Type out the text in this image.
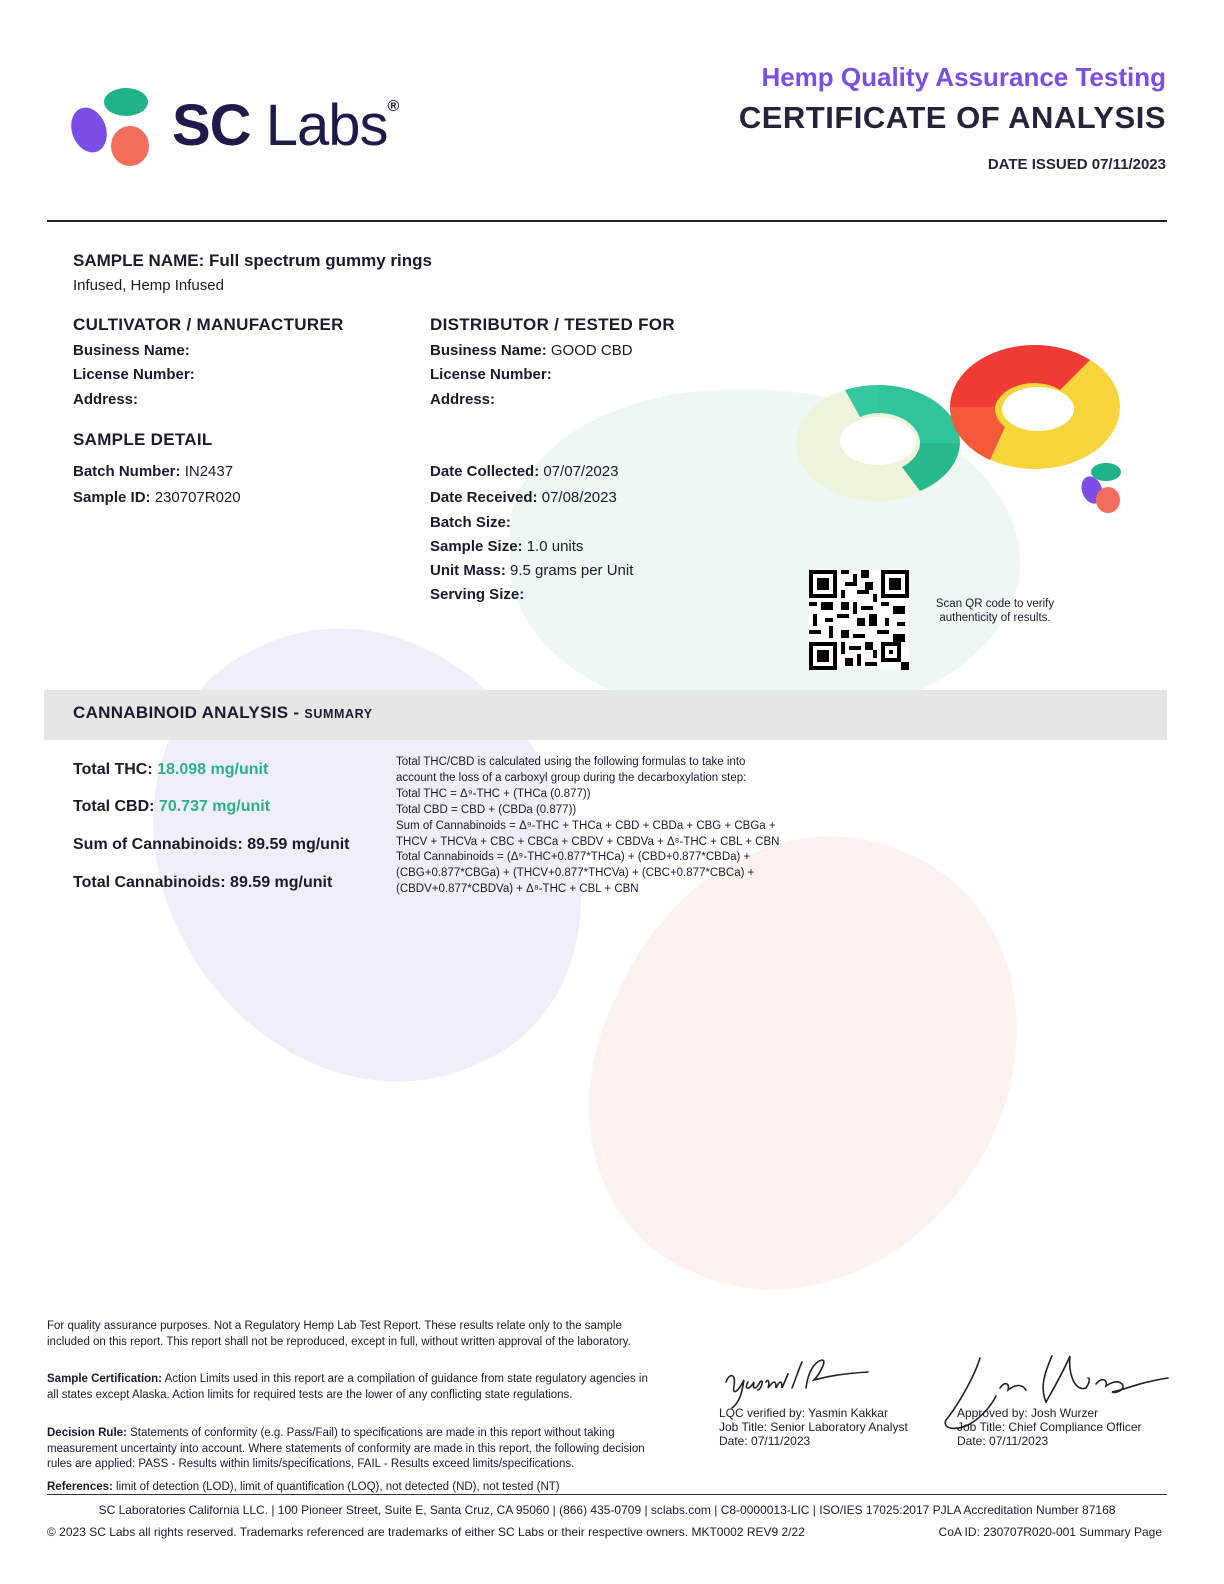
SC Labs®
Hemp Quality Assurance Testing
CERTIFICATE OF ANALYSIS
DATE ISSUED 07/11/2023
SAMPLE NAME: Full spectrum gummy rings
Infused, Hemp Infused
CULTIVATOR / MANUFACTURER
Business Name:
License Number:
Address:
DISTRIBUTOR / TESTED FOR
Business Name: GOOD CBD
License Number:
Address:
SAMPLE DETAIL
Batch Number: IN2437
Sample ID: 230707R020
Date Collected: 07/07/2023
Date Received: 07/08/2023
Batch Size:
Sample Size: 1.0 units
Unit Mass: 9.5 grams per Unit
Serving Size:
Scan QR code to verify authenticity of results.
CANNABINOID ANALYSIS - SUMMARY
Total THC: 18.098 mg/unit
Total CBD: 70.737 mg/unit
Sum of Cannabinoids: 89.59 mg/unit
Total Cannabinoids: 89.59 mg/unit
Total THC/CBD is calculated using the following formulas to take into
account the loss of a carboxyl group during the decarboxylation step:
Total THC = Δ⁹-THC + (THCa (0.877))
Total CBD = CBD + (CBDa (0.877))
Sum of Cannabinoids = Δ⁹-THC + THCa + CBD + CBDa + CBG + CBGa +
THCV + THCVa + CBC + CBCa + CBDV + CBDVa + Δ⁸-THC + CBL + CBN
Total Cannabinoids = (Δ⁹-THC+0.877*THCa) + (CBD+0.877*CBDa) +
(CBG+0.877*CBGa) + (THCV+0.877*THCVa) + (CBC+0.877*CBCa) +
(CBDV+0.877*CBDVa) + Δ⁸-THC + CBL + CBN
For quality assurance purposes. Not a Regulatory Hemp Lab Test Report. These results relate only to the sample included on this report. This report shall not be reproduced, except in full, without written approval of the laboratory.
Sample Certification: Action Limits used in this report are a compilation of guidance from state regulatory agencies in all states except Alaska. Action limits for required tests are the lower of any conflicting state regulations.
Decision Rule: Statements of conformity (e.g. Pass/Fail) to specifications are made in this report without taking measurement uncertainty into account. Where statements of conformity are made in this report, the following decision rules are applied: PASS - Results within limits/specifications, FAIL - Results exceed limits/specifications.
References: limit of detection (LOD), limit of quantification (LOQ), not detected (ND), not tested (NT)
LQC verified by: Yasmin Kakkar
Job Title: Senior Laboratory Analyst
Date: 07/11/2023
Approved by: Josh Wurzer
Job Title: Chief Compliance Officer
Date: 07/11/2023
SC Laboratories California LLC. | 100 Pioneer Street, Suite E, Santa Cruz, CA 95060 | (866) 435-0709 | sclabs.com | C8-0000013-LIC | ISO/IES 17025:2017 PJLA Accreditation Number 87168
© 2023 SC Labs all rights reserved. Trademarks referenced are trademarks of either SC Labs or their respective owners. MKT0002 REV9 2/22	CoA ID: 230707R020-001 Summary Page
